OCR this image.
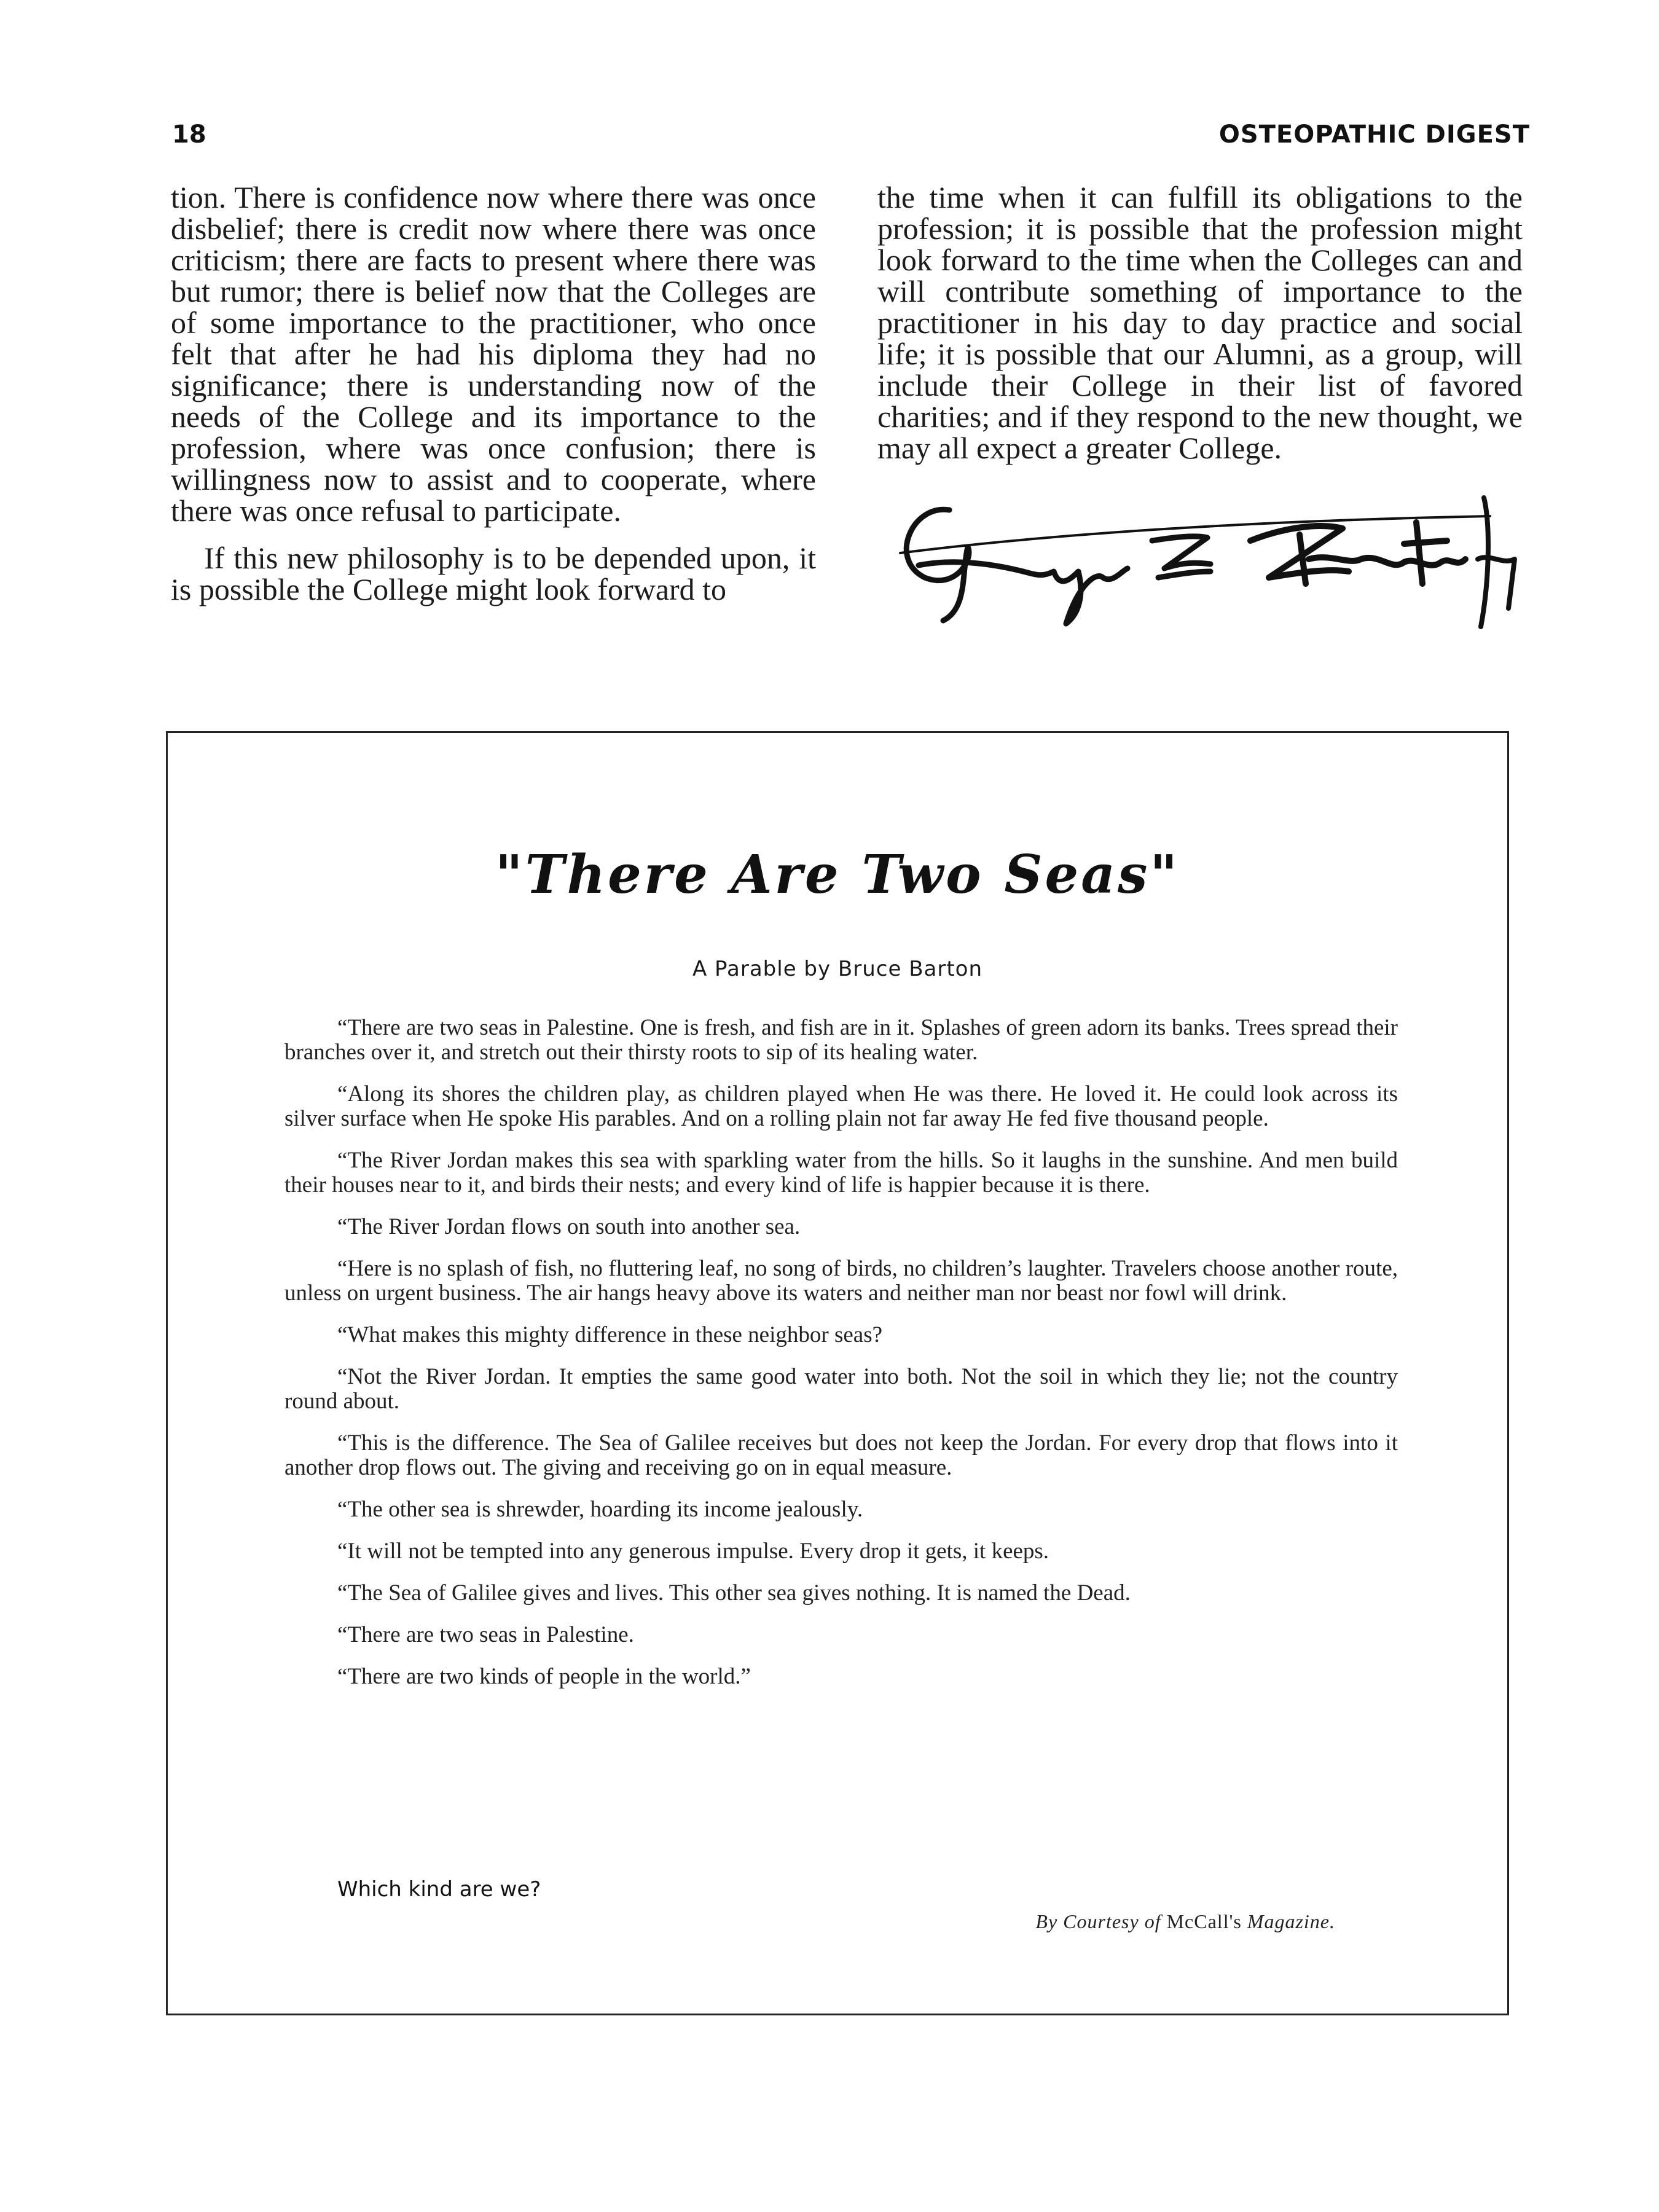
18	OSTEOPATHIC DIGEST

tion. There is confidence now where there was once disbelief; there is credit now where there was once criticism; there are facts to present where there was but rumor; there is belief now that the Colleges are of some importance to the practitioner, who once felt that after he had his diploma they had no significance; there is understanding now of the needs of the College and its importance to the profession, where was once confusion; there is willingness now to assist and to cooperate, where there was once refusal to participate.

If this new philosophy is to be depended upon, it is possible the College might look forward to

the time when it can fulfill its obligations to the profession; it is possible that the profession might look forward to the time when the Colleges can and will contribute something of importance to the practitioner in his day to day practice and social life; it is possible that our Alumni, as a group, will include their College in their list of favored charities; and if they respond to the new thought, we may all expect a greater College.

"There Are Two Seas"
A Parable by Bruce Barton

“There are two seas in Palestine. One is fresh, and fish are in it. Splashes of green adorn its banks. Trees spread their branches over it, and stretch out their thirsty roots to sip of its healing water.

“Along its shores the children play, as children played when He was there. He loved it. He could look across its silver surface when He spoke His parables. And on a rolling plain not far away He fed five thousand people.

“The River Jordan makes this sea with sparkling water from the hills. So it laughs in the sunshine. And men build their houses near to it, and birds their nests; and every kind of life is happier because it is there.

“The River Jordan flows on south into another sea.

“Here is no splash of fish, no fluttering leaf, no song of birds, no children’s laughter. Travelers choose another route, unless on urgent business. The air hangs heavy above its waters and neither man nor beast nor fowl will drink.

“What makes this mighty difference in these neighbor seas?

“Not the River Jordan. It empties the same good water into both. Not the soil in which they lie; not the country round about.

“This is the difference. The Sea of Galilee receives but does not keep the Jordan. For every drop that flows into it another drop flows out. The giving and receiving go on in equal measure.

“The other sea is shrewder, hoarding its income jealously.

“It will not be tempted into any generous impulse. Every drop it gets, it keeps.

“The Sea of Galilee gives and lives. This other sea gives nothing. It is named the Dead.

“There are two seas in Palestine.

“There are two kinds of people in the world.”

Which kind are we?
By Courtesy of McCall's Magazine.
